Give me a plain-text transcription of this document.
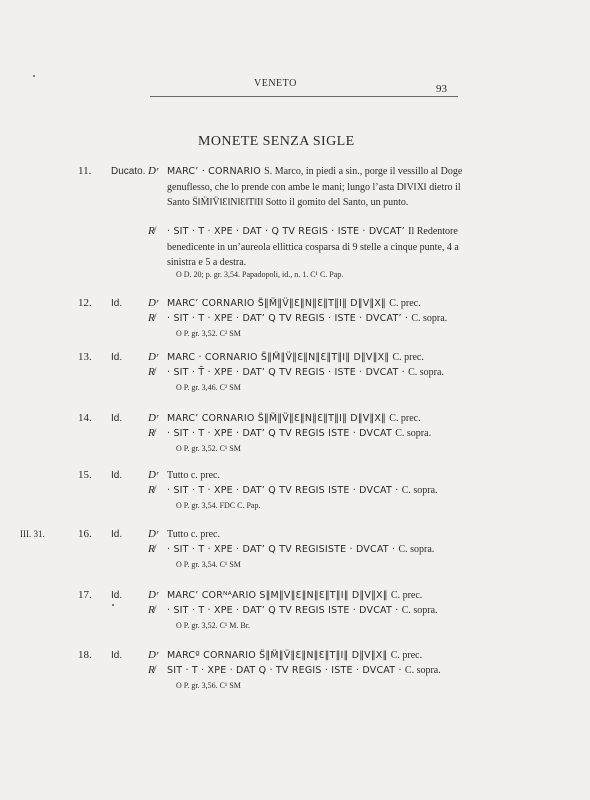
VENETO	93
MONETE SENZA SIGLE
11. Ducato. Dʳ MARC’ · CORNARIO S. Marco, in piedi a sin., porge il vessillo al Doge genuflesso, che lo prende con ambe le mani; lungo l’asta D‖V‖X‖ dietro il Santo S̈‖M̈‖V̈‖Ɛ‖N‖Ɛ‖T‖I‖ Sotto il gomito del Santo, un punto.
R̸ · SIT · T · XPE · DAT · Q TV REGIS · ISTE · DVCAT’ Il Redentore benedicente in un’aureola ellittica cosparsa di 9 stelle a cinque punte, 4 a sinistra e 5 a destra.
O D. 20; p. gr. 3,54. Papadopoli, id., n. 1. C¹ C. Pap.
12. Id. Dʳ MARC’ CORNARIO S̈‖M̈‖V̈‖Ɛ‖N‖Ɛ‖T‖I‖ D‖V‖X‖ C. prec.
R̸ · SIT · T · XPE · DAT’ Q TV REGIS · ISTE · DVCAT’ · C. sopra.
O P. gr. 3,52. C² SM
13. Id. Dʳ MARC · CORNARIO S̈‖M̈‖V̈‖Ɛ‖N‖Ɛ‖T‖I‖ D‖V‖X‖ C. prec.
R̸ · SIT · T̄ · XPE · DAT’ Q TV REGIS · ISTE · DVCAT · C. sopra.
O P. gr. 3,46. C² SM
14. Id. Dʳ MARC’ CORNARIO S̈‖M̈‖V̈‖Ɛ‖N‖Ɛ‖T‖I‖ D‖V‖X‖ C. prec.
R̸ · SIT · T · XPE · DAT’ Q TV REGIS ISTE · DVCAT C. sopra.
O P. gr. 3,52. C¹ SM
15. Id. Dʳ Tutto c. prec.
R̸ · SIT · T · XPE · DAT’ Q TV REGIS ISTE · DVCAT · C. sopra.
O P. gr. 3,54. FDC C. Pap.
III. 31.	16. Id. Dʳ Tutto c. prec.
R̸ · SIT · T · XPE · DAT’ Q TV REGISISTE · DVCAT · C. sopra.
O P. gr. 3,54. C¹ SM
17. Id. Dʳ MARC’ CORᴺᴬARIO S‖M‖V‖Ɛ‖N‖Ɛ‖T‖I‖ D‖V‖X‖ C. prec.
R̸ · SIT · T · XPE · DAT’ Q TV REGIS ISTE · DVCAT · C. sopra.
O P. gr. 3,52. C¹ M. Br.
18. Id. Dʳ MARCº CORNARIO S̈‖M̈‖V̈‖Ɛ‖N‖Ɛ‖T‖I‖ D‖V‖X‖ C. prec.
R̸ SIT · T · XPE · DAT Q · TV REGIS · ISTE · DVCAT · C. sopra.
O P. gr. 3,56. C¹ SM
